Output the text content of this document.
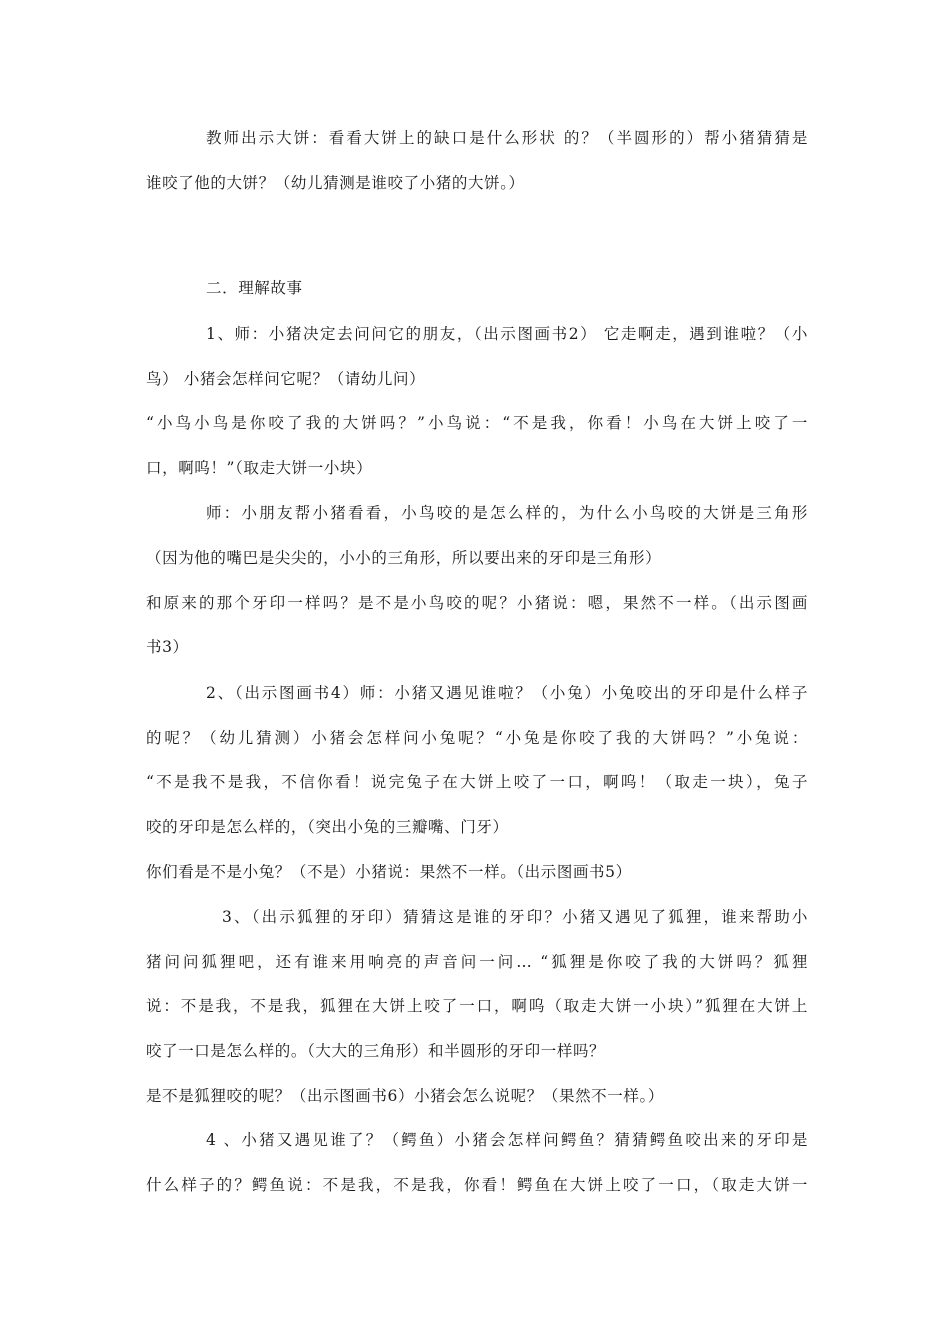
教师出示大饼：看看大饼上的缺口是什么形状 的？（半圆形的）帮小猪猜猜是
谁咬了他的大饼？（幼儿猜测是谁咬了小猪的大饼。）
二．理解故事
1、师：小猪决定去问问它的朋友，（出示图画书2） 它走啊走，遇到谁啦？（小
鸟） 小猪会怎样问它呢？（请幼儿问）
“小鸟小鸟是你咬了我的大饼吗？”小鸟说：“不是我，你看！小鸟在大饼上咬了一
口，啊呜！”（取走大饼一小块）
师：小朋友帮小猪看看，小鸟咬的是怎么样的，为什么小鸟咬的大饼是三角形
（因为他的嘴巴是尖尖的，小小的三角形，所以要出来的牙印是三角形）
和原来的那个牙印一样吗？是不是小鸟咬的呢？小猪说：嗯，果然不一样。（出示图画
书3）
2、（出示图画书4）师：小猪又遇见谁啦？（小兔）小兔咬出的牙印是什么样子
的呢？（幼儿猜测）小猪会怎样问小兔呢？“小兔是你咬了我的大饼吗？”小兔说：
“不是我不是我，不信你看！说完兔子在大饼上咬了一口，啊呜！（取走一块），兔子
咬的牙印是怎么样的，（突出小兔的三瓣嘴、门牙）
你们看是不是小兔？（不是）小猪说：果然不一样。（出示图画书5）
3、（出示狐狸的牙印）猜猜这是谁的牙印？小猪又遇见了狐狸，谁来帮助小
猪问问狐狸吧，还有谁来用响亮的声音问一问… “狐狸是你咬了我的大饼吗？狐狸
说：不是我，不是我，狐狸在大饼上咬了一口，啊呜（取走大饼一小块）”狐狸在大饼上
咬了一口是怎么样的。（大大的三角形）和半圆形的牙印一样吗？
是不是狐狸咬的呢？（出示图画书6）小猪会怎么说呢？（果然不一样。）
4 、小猪又遇见谁了？（鳄鱼）小猪会怎样问鳄鱼？猜猜鳄鱼咬出来的牙印是
什么样子的？鳄鱼说：不是我，不是我，你看！鳄鱼在大饼上咬了一口，（取走大饼一
